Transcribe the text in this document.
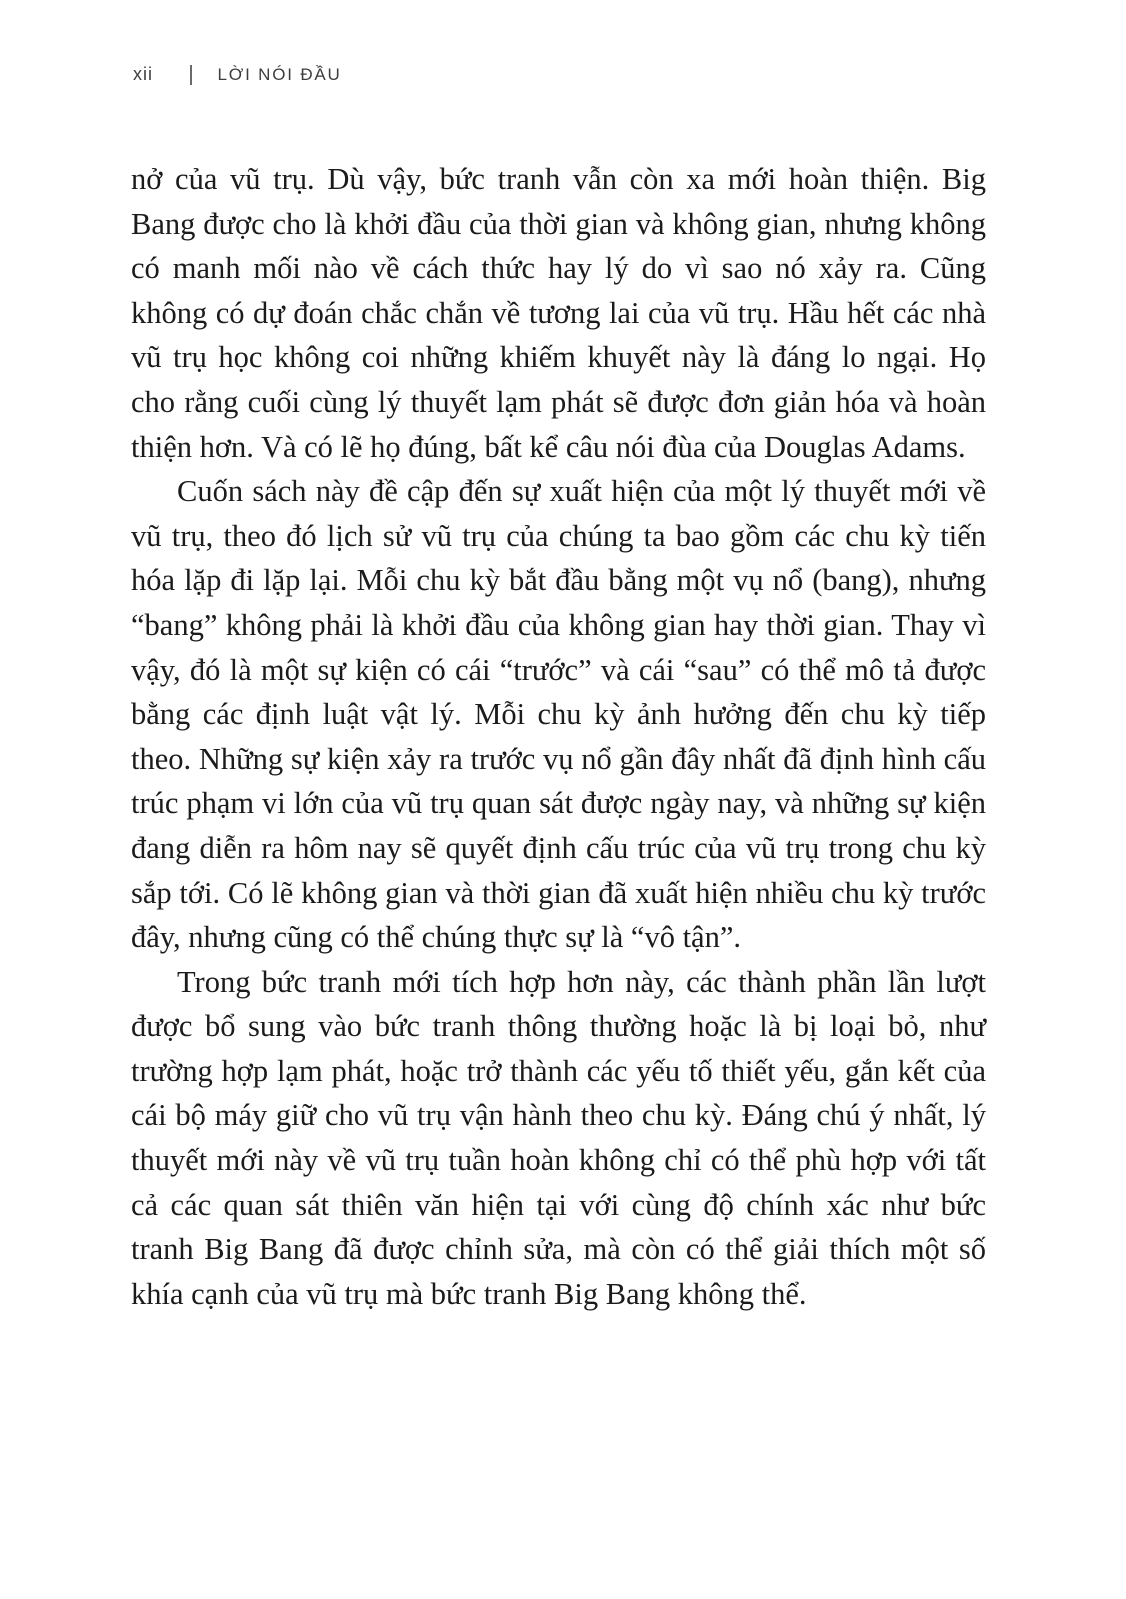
xii	LỜI NÓI ĐẦU

nở của vũ trụ. Dù vậy, bức tranh vẫn còn xa mới hoàn thiện. Big Bang được cho là khởi đầu của thời gian và không gian, nhưng không có manh mối nào về cách thức hay lý do vì sao nó xảy ra. Cũng không có dự đoán chắc chắn về tương lai của vũ trụ. Hầu hết các nhà vũ trụ học không coi những khiếm khuyết này là đáng lo ngại. Họ cho rằng cuối cùng lý thuyết lạm phát sẽ được đơn giản hóa và hoàn thiện hơn. Và có lẽ họ đúng, bất kể câu nói đùa của Douglas Adams.

Cuốn sách này đề cập đến sự xuất hiện của một lý thuyết mới về vũ trụ, theo đó lịch sử vũ trụ của chúng ta bao gồm các chu kỳ tiến hóa lặp đi lặp lại. Mỗi chu kỳ bắt đầu bằng một vụ nổ (bang), nhưng “bang” không phải là khởi đầu của không gian hay thời gian. Thay vì vậy, đó là một sự kiện có cái “trước” và cái “sau” có thể mô tả được bằng các định luật vật lý. Mỗi chu kỳ ảnh hưởng đến chu kỳ tiếp theo. Những sự kiện xảy ra trước vụ nổ gần đây nhất đã định hình cấu trúc phạm vi lớn của vũ trụ quan sát được ngày nay, và những sự kiện đang diễn ra hôm nay sẽ quyết định cấu trúc của vũ trụ trong chu kỳ sắp tới. Có lẽ không gian và thời gian đã xuất hiện nhiều chu kỳ trước đây, nhưng cũng có thể chúng thực sự là “vô tận”.

Trong bức tranh mới tích hợp hơn này, các thành phần lần lượt được bổ sung vào bức tranh thông thường hoặc là bị loại bỏ, như trường hợp lạm phát, hoặc trở thành các yếu tố thiết yếu, gắn kết của cái bộ máy giữ cho vũ trụ vận hành theo chu kỳ. Đáng chú ý nhất, lý thuyết mới này về vũ trụ tuần hoàn không chỉ có thể phù hợp với tất cả các quan sát thiên văn hiện tại với cùng độ chính xác như bức tranh Big Bang đã được chỉnh sửa, mà còn có thể giải thích một số khía cạnh của vũ trụ mà bức tranh Big Bang không thể.
